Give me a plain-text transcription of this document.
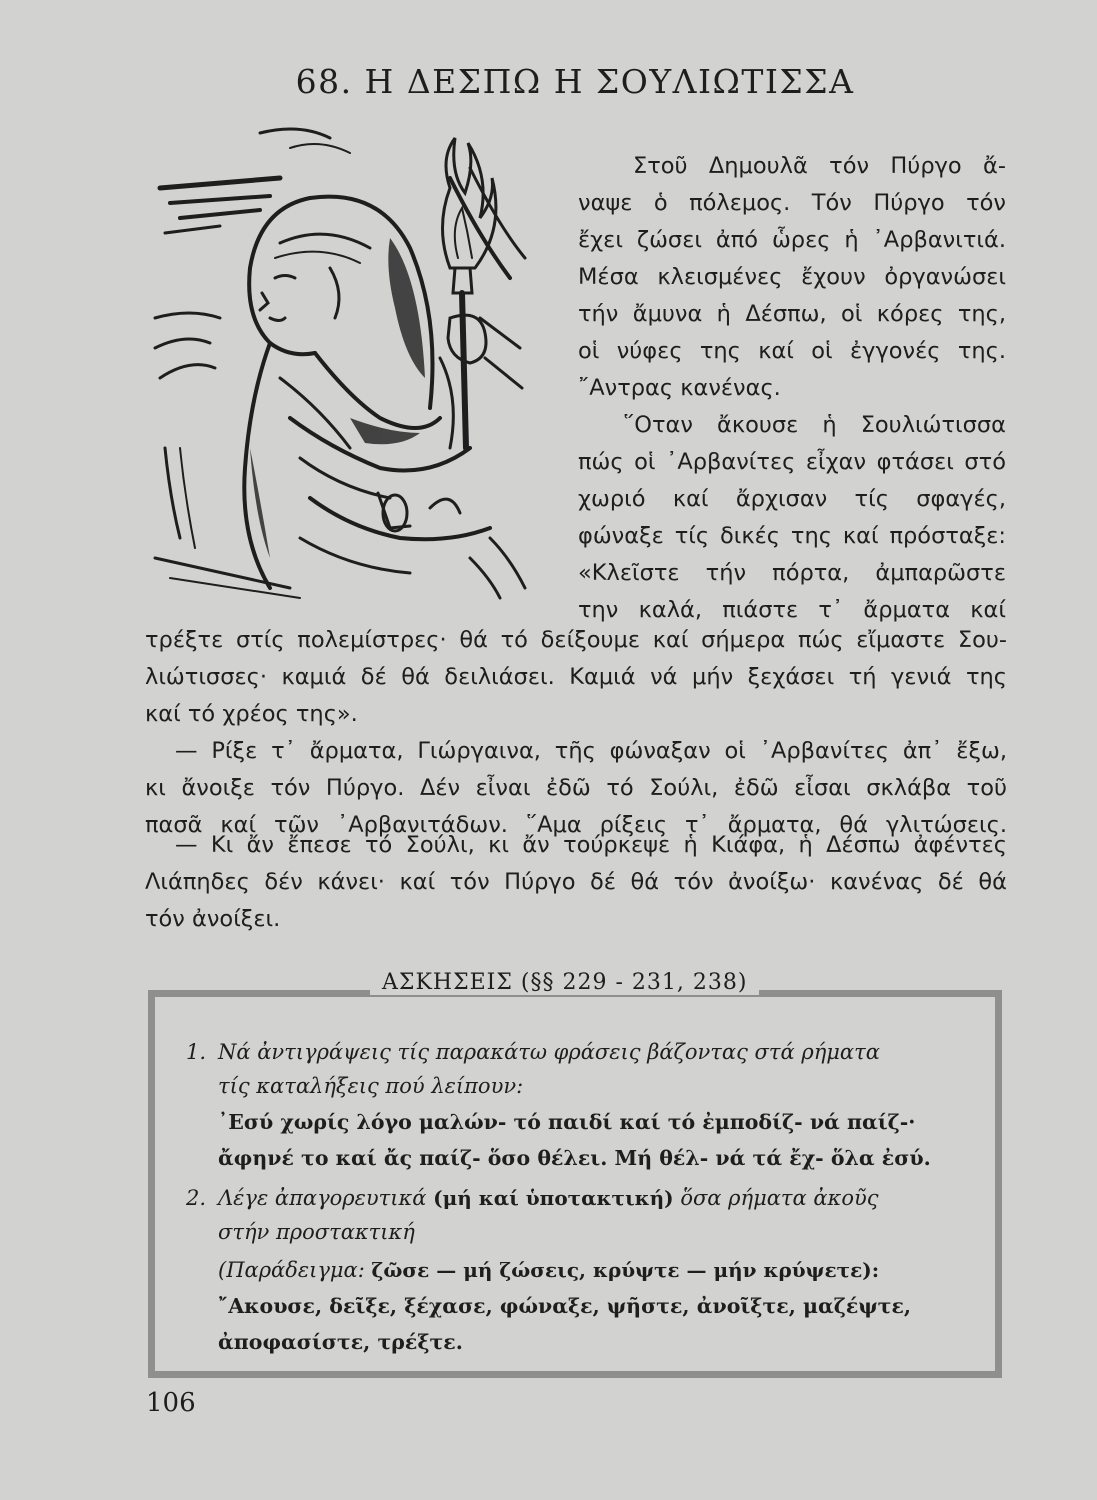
68. Η ΔΕΣΠΩ Η ΣΟΥΛΙΩΤΙΣΣΑ
Στοῦ Δημουλᾶ τόν Πύργο ἄ-
ναψε ὁ πόλεμος. Τόν Πύργο τόν
ἔχει ζώσει ἀπό ὧρες ἡ ᾿Αρβανιτιά.
Μέσα κλεισμένες ἔχουν ὀργανώσει
τήν ἄμυνα ἡ Δέσπω, οἱ κόρες της,
οἱ νύφες της καί οἱ ἐγγονές της.
῎Αντρας κανένας.
῞Οταν ἄκουσε ἡ Σουλιώτισσα
πώς οἱ ᾿Αρβανίτες εἶχαν φτάσει στό
χωριό καί ἄρχισαν τίς σφαγές,
φώναξε τίς δικές της καί πρόσταξε:
«Κλεῖστε τήν πόρτα, ἀμπαρῶστε
την καλά, πιάστε τ᾿ ἄρματα καί
τρέξτε στίς πολεμίστρες· θά τό δείξουμε καί σήμερα πώς εἴμαστε Σου-
λιώτισσες· καμιά δέ θά δειλιάσει. Καμιά νά μήν ξεχάσει τή γενιά της
καί τό χρέος της».
— Ρίξε τ᾿ ἄρματα, Γιώργαινα, τῆς φώναξαν οἱ ᾿Αρβανίτες ἀπ᾿ ἔξω,
κι ἄνοιξε τόν Πύργο. Δέν εἶναι ἐδῶ τό Σούλι, ἐδῶ εἶσαι σκλάβα τοῦ
πασᾶ καί τῶν ᾿Αρβανιτάδων. ῞Αμα ρίξεις τ᾿ ἄρματα, θά γλιτώσεις.
— Κι ἄν ἔπεσε τό Σούλι, κι ἄν τούρκεψε ἡ Κιάφα, ἡ Δέσπω ἀφέντες
Λιάπηδες δέν κάνει· καί τόν Πύργο δέ θά τόν ἀνοίξω· κανένας δέ θά
τόν ἀνοίξει.
ΑΣΚΗΣΕΙΣ (§§ 229 - 231, 238)
1. Νά ἀντιγράψεις τίς παρακάτω φράσεις βάζοντας στά ρήματα
τίς καταλήξεις πού λείπουν:
᾿Εσύ χωρίς λόγο μαλών- τό παιδί καί τό ἐμποδίζ- νά παίζ-·
ἄφηνέ το καί ἄς παίζ- ὅσο θέλει. Μή θέλ- νά τά ἔχ- ὅλα ἐσύ.
2. Λέγε ἀπαγορευτικά (μή καί ὑποτακτική) ὅσα ρήματα ἀκοῦς
στήν προστακτική
(Παράδειγμα: ζῶσε — μή ζώσεις, κρύψτε — μήν κρύψετε):
῎Ακουσε, δεῖξε, ξέχασε, φώναξε, ψῆστε, ἀνοῖξτε, μαζέψτε,
ἀποφασίστε, τρέξτε.

106
